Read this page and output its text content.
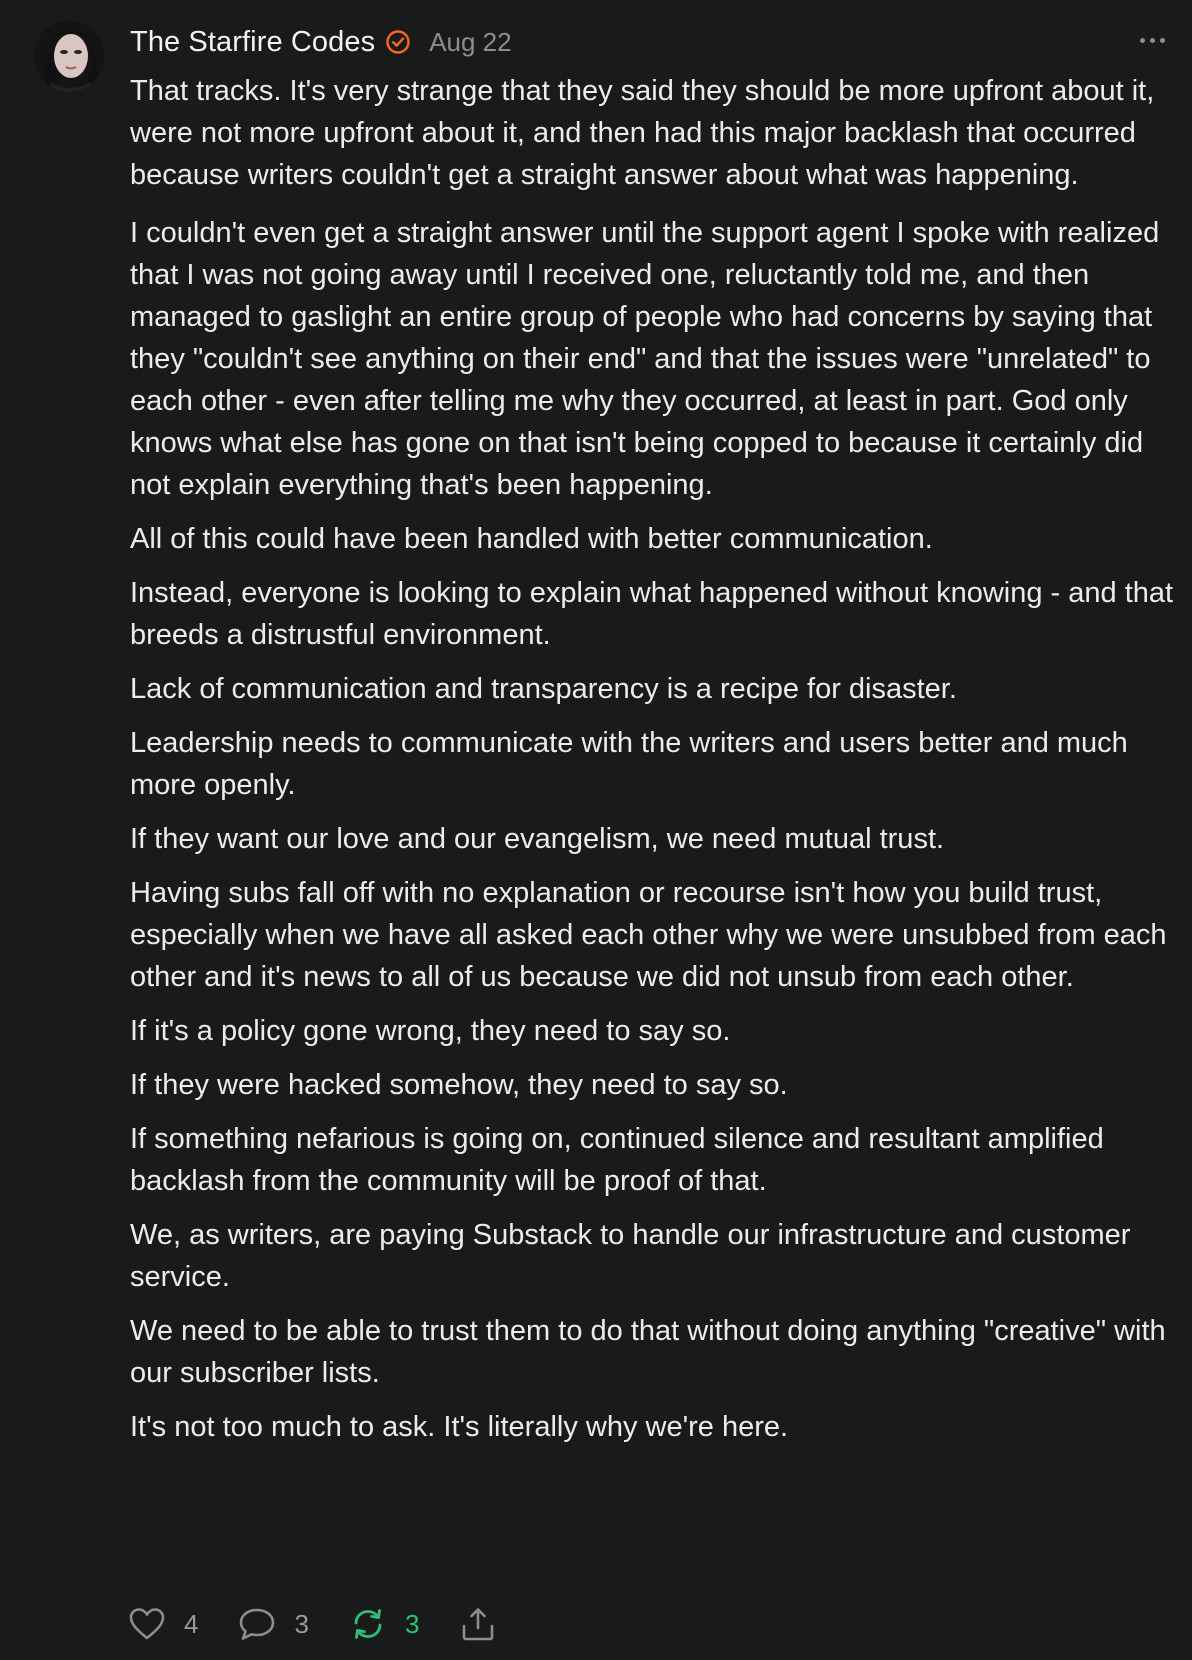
The Starfire Codes Aug 22

That tracks. It's very strange that they said they should be more upfront about it, were not more upfront about it, and then had this major backlash that occurred because writers couldn't get a straight answer about what was happening.

I couldn't even get a straight answer until the support agent I spoke with realized that I was not going away until I received one, reluctantly told me, and then managed to gaslight an entire group of people who had concerns by saying that they "couldn't see anything on their end" and that the issues were "unrelated" to each other - even after telling me why they occurred, at least in part. God only knows what else has gone on that isn't being copped to because it certainly did not explain everything that's been happening.

All of this could have been handled with better communication.

Instead, everyone is looking to explain what happened without knowing - and that breeds a distrustful environment.

Lack of communication and transparency is a recipe for disaster.

Leadership needs to communicate with the writers and users better and much more openly.

If they want our love and our evangelism, we need mutual trust.

Having subs fall off with no explanation or recourse isn't how you build trust, especially when we have all asked each other why we were unsubbed from each other and it's news to all of us because we did not unsub from each other.

If it's a policy gone wrong, they need to say so.

If they were hacked somehow, they need to say so.

If something nefarious is going on, continued silence and resultant amplified backlash from the community will be proof of that.

We, as writers, are paying Substack to handle our infrastructure and customer service.

We need to be able to trust them to do that without doing anything "creative" with our subscriber lists.

It's not too much to ask. It's literally why we're here.

4	3	3
